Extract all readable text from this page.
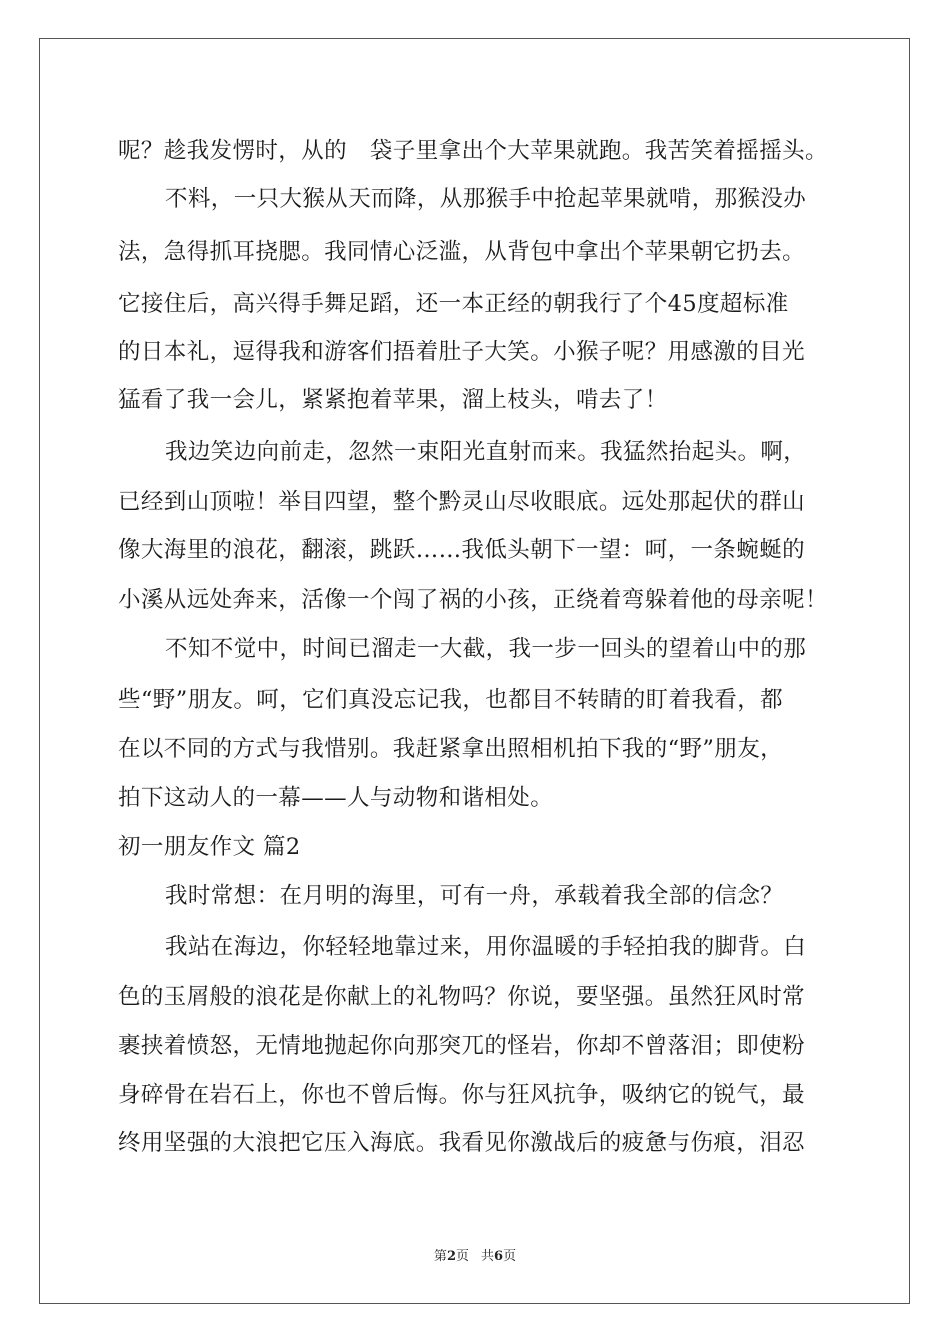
呢？趁我发愣时，从的　袋子里拿出个大苹果就跑。我苦笑着摇摇头。
不料，一只大猴从天而降，从那猴手中抢起苹果就啃，那猴没办
法，急得抓耳挠腮。我同情心泛滥，从背包中拿出个苹果朝它扔去。
它接住后，高兴得手舞足蹈，还一本正经的朝我行了个45度超标准
的日本礼，逗得我和游客们捂着肚子大笑。小猴子呢？用感激的目光
猛看了我一会儿，紧紧抱着苹果，溜上枝头，啃去了！
我边笑边向前走，忽然一束阳光直射而来。我猛然抬起头。啊，
已经到山顶啦！举目四望，整个黔灵山尽收眼底。远处那起伏的群山
像大海里的浪花，翻滚，跳跃……我低头朝下一望：呵，一条蜿蜒的
小溪从远处奔来，活像一个闯了祸的小孩，正绕着弯躲着他的母亲呢！
不知不觉中，时间已溜走一大截，我一步一回头的望着山中的那
些“野”朋友。呵，它们真没忘记我，也都目不转睛的盯着我看，都
在以不同的方式与我惜别。我赶紧拿出照相机拍下我的“野”朋友，
拍下这动人的一幕——人与动物和谐相处。
初一朋友作文 篇2
我时常想：在月明的海里，可有一舟，承载着我全部的信念？
我站在海边，你轻轻地靠过来，用你温暖的手轻拍我的脚背。白
色的玉屑般的浪花是你献上的礼物吗？你说，要坚强。虽然狂风时常
裹挟着愤怒，无情地抛起你向那突兀的怪岩，你却不曾落泪；即使粉
身碎骨在岩石上，你也不曾后悔。你与狂风抗争，吸纳它的锐气，最
终用坚强的大浪把它压入海底。我看见你激战后的疲惫与伤痕，泪忍
第2页 共6页
